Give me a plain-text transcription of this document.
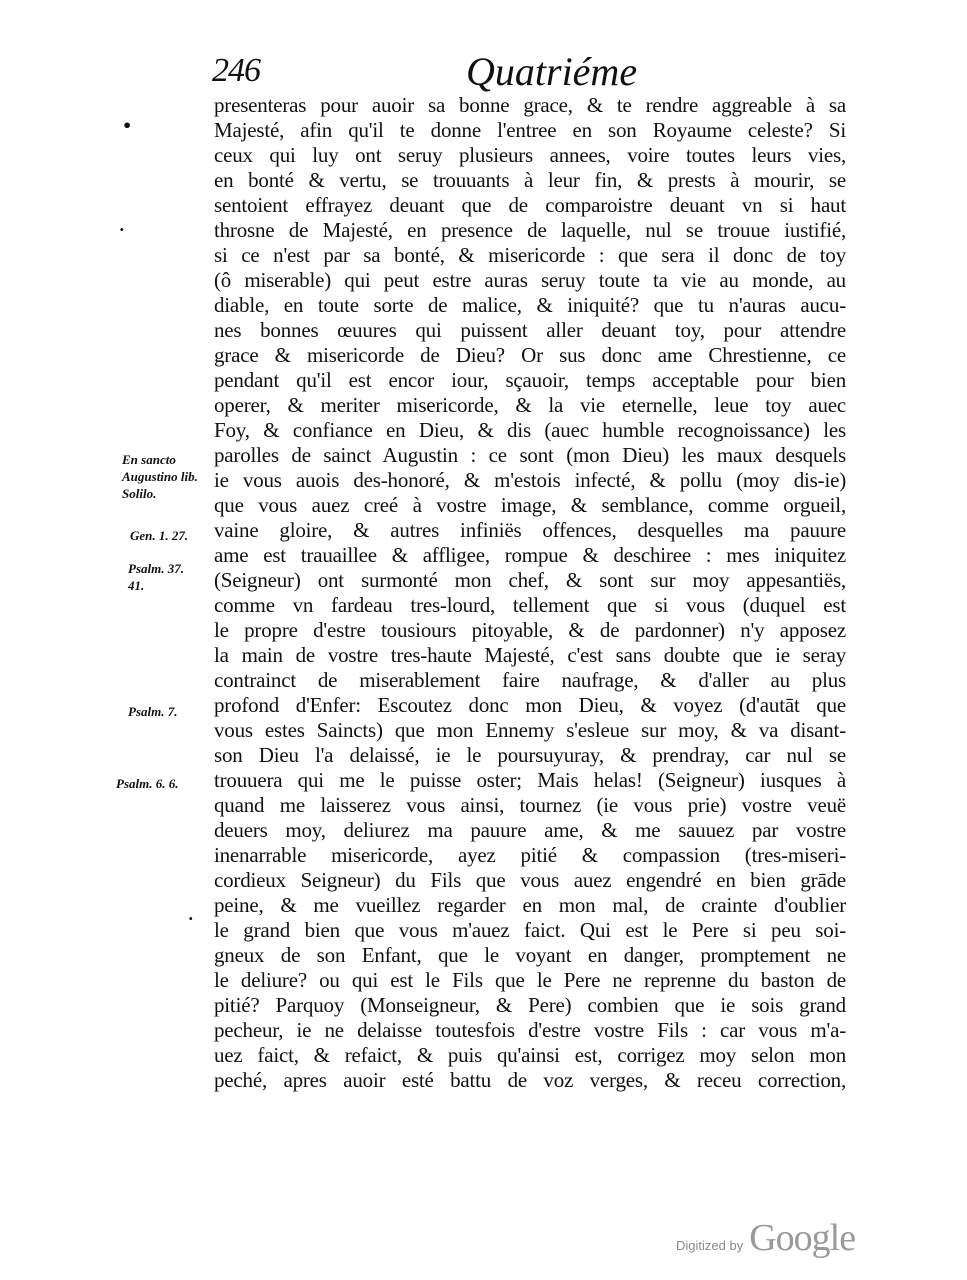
246	Quatriéme
presenteras pour auoir sa bonne grace, & te rendre aggreable à sa
Majesté, afin qu'il te donne l'entree en son Royaume celeste? Si
ceux qui luy ont seruy plusieurs annees, voire toutes leurs vies,
en bonté & vertu, se trouuants à leur fin, & prests à mourir, se
sentoient effrayez deuant que de comparoistre deuant vn si haut
throsne de Majesté, en presence de laquelle, nul se trouue iustifié,
si ce n'est par sa bonté, & misericorde : que sera il donc de toy
(ô miserable) qui peut estre auras seruy toute ta vie au monde, au
diable, en toute sorte de malice, & iniquité? que tu n'auras aucu-
nes bonnes œuures qui puissent aller deuant toy, pour attendre
grace & misericorde de Dieu? Or sus donc ame Chrestienne, ce
pendant qu'il est encor iour, sçauoir, temps acceptable pour bien
operer, & meriter misericorde, & la vie eternelle, leue toy auec
Foy, & confiance en Dieu, & dis (auec humble recognoissance) les
parolles de sainct Augustin : ce sont (mon Dieu) les maux desquels
ie vous auois des-honoré, & m'estois infecté, & pollu (moy dis-ie)
que vous auez creé à vostre image, & semblance, comme orgueil,
vaine gloire, & autres infiniës offences, desquelles ma pauure
ame est trauaillee & affligee, rompue & deschiree : mes iniquitez
(Seigneur) ont surmonté mon chef, & sont sur moy appesantiës,
comme vn fardeau tres-lourd, tellement que si vous (duquel est
le propre d'estre tousiours pitoyable, & de pardonner) n'y apposez
la main de vostre tres-haute Majesté, c'est sans doubte que ie seray
contrainct de miserablement faire naufrage, & d'aller au plus
profond d'Enfer: Escoutez donc mon Dieu, & voyez (d'autāt que
vous estes Saincts) que mon Ennemy s'esleue sur moy, & va disant-
son Dieu l'a delaissé, ie le poursuyuray, & prendray, car nul se
trouuera qui me le puisse oster; Mais helas! (Seigneur) iusques à
quand me laisserez vous ainsi, tournez (ie vous prie) vostre veuë
deuers moy, deliurez ma pauure ame, & me sauuez par vostre
inenarrable misericorde, ayez pitié & compassion (tres-miseri-
cordieux Seigneur) du Fils que vous auez engendré en bien grāde
peine, & me vueillez regarder en mon mal, de crainte d'oublier
le grand bien que vous m'auez faict. Qui est le Pere si peu soi-
gneux de son Enfant, que le voyant en danger, promptement ne
le deliure? ou qui est le Fils que le Pere ne reprenne du baston de
pitié? Parquoy (Monseigneur, & Pere) combien que ie sois grand
pecheur, ie ne delaisse toutesfois d'estre vostre Fils : car vous m'a-
uez faict, & refaict, & puis qu'ainsi est, corrigez moy selon mon
peché, apres auoir esté battu de voz verges, & receu correction,
En sancto Augustino lib. Solilo.
Gen. 1. 27.
Psalm. 37. 41.
Psalm. 7.
Psalm. 6. 6.
•
·
·
Digitized by Google
